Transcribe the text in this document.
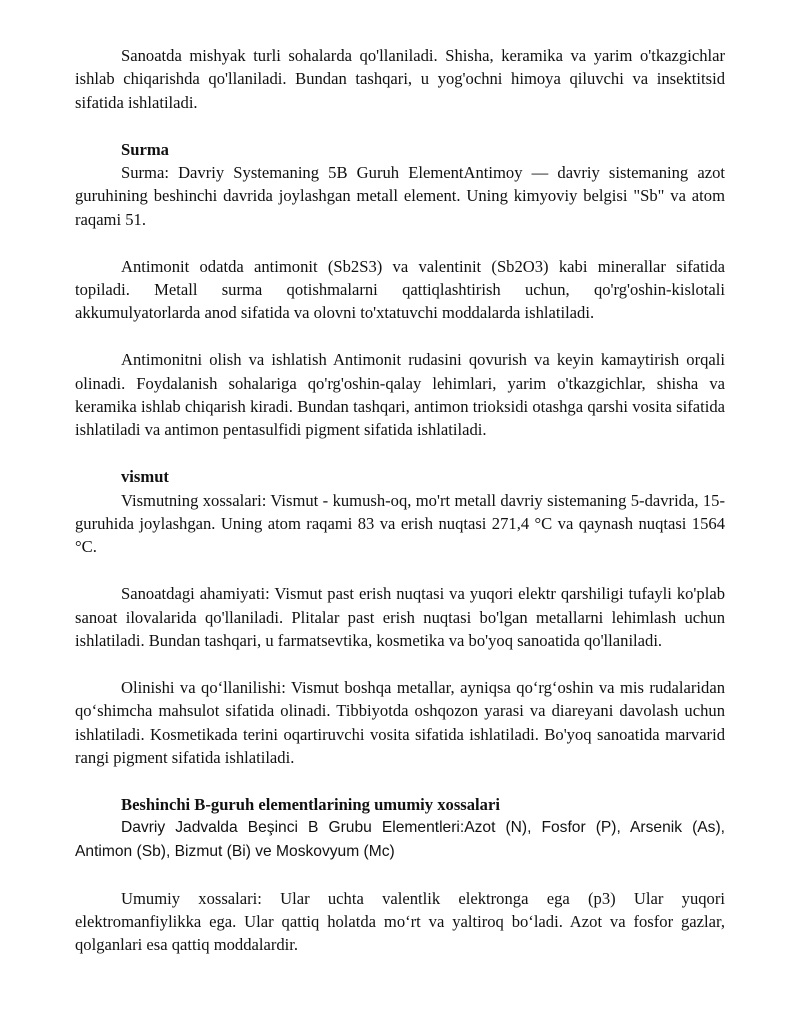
Sanoatda mishyak turli sohalarda qo'llaniladi. Shisha, keramika va yarim o'tkazgichlar ishlab chiqarishda qo'llaniladi. Bundan tashqari, u yog'ochni himoya qiluvchi va insektitsid sifatida ishlatiladi.

Surma

Surma: Davriy Systemaning 5B Guruh ElementAntimoy — davriy sistemaning azot guruhining beshinchi davrida joylashgan metall element. Uning kimyoviy belgisi "Sb" va atom raqami 51.

Antimonit odatda antimonit (Sb2S3) va valentinit (Sb2O3) kabi minerallar sifatida topiladi. Metall surma qotishmalarni qattiqlashtirish uchun, qo'rg'oshin-kislotali akkumulyatorlarda anod sifatida va olovni to'xtatuvchi moddalarda ishlatiladi.

Antimonitni olish va ishlatish Antimonit rudasini qovurish va keyin kamaytirish orqali olinadi. Foydalanish sohalariga qo'rg'oshin-qalay lehimlari, yarim o'tkazgichlar, shisha va keramika ishlab chiqarish kiradi. Bundan tashqari, antimon trioksidi otashga qarshi vosita sifatida ishlatiladi va antimon pentasulfidi pigment sifatida ishlatiladi.

vismut

Vismutning xossalari: Vismut - kumush-oq, mo'rt metall davriy sistemaning 5-davrida, 15-guruhida joylashgan. Uning atom raqami 83 va erish nuqtasi 271,4 °C va qaynash nuqtasi 1564 °C.

Sanoatdagi ahamiyati: Vismut past erish nuqtasi va yuqori elektr qarshiligi tufayli ko'plab sanoat ilovalarida qo'llaniladi. Plitalar past erish nuqtasi bo'lgan metallarni lehimlash uchun ishlatiladi. Bundan tashqari, u farmatsevtika, kosmetika va bo'yoq sanoatida qo'llaniladi.

Olinishi va qo‘llanilishi: Vismut boshqa metallar, ayniqsa qo‘rg‘oshin va mis rudalaridan qo‘shimcha mahsulot sifatida olinadi. Tibbiyotda oshqozon yarasi va diareyani davolash uchun ishlatiladi. Kosmetikada terini oqartiruvchi vosita sifatida ishlatiladi. Bo'yoq sanoatida marvarid rangi pigment sifatida ishlatiladi.

Beshinchi B-guruh elementlarining umumiy xossalari

Davriy Jadvalda Beşinci B Grubu Elementleri:Azot (N), Fosfor (P), Arsenik (As), Antimon (Sb), Bizmut (Bi) ve Moskovyum (Mc)

Umumiy xossalari: Ular uchta valentlik elektronga ega (p3) Ular yuqori elektromanfiylikka ega. Ular qattiq holatda mo‘rt va yaltiroq bo‘ladi. Azot va fosfor gazlar, qolganlari esa qattiq moddalardir.
